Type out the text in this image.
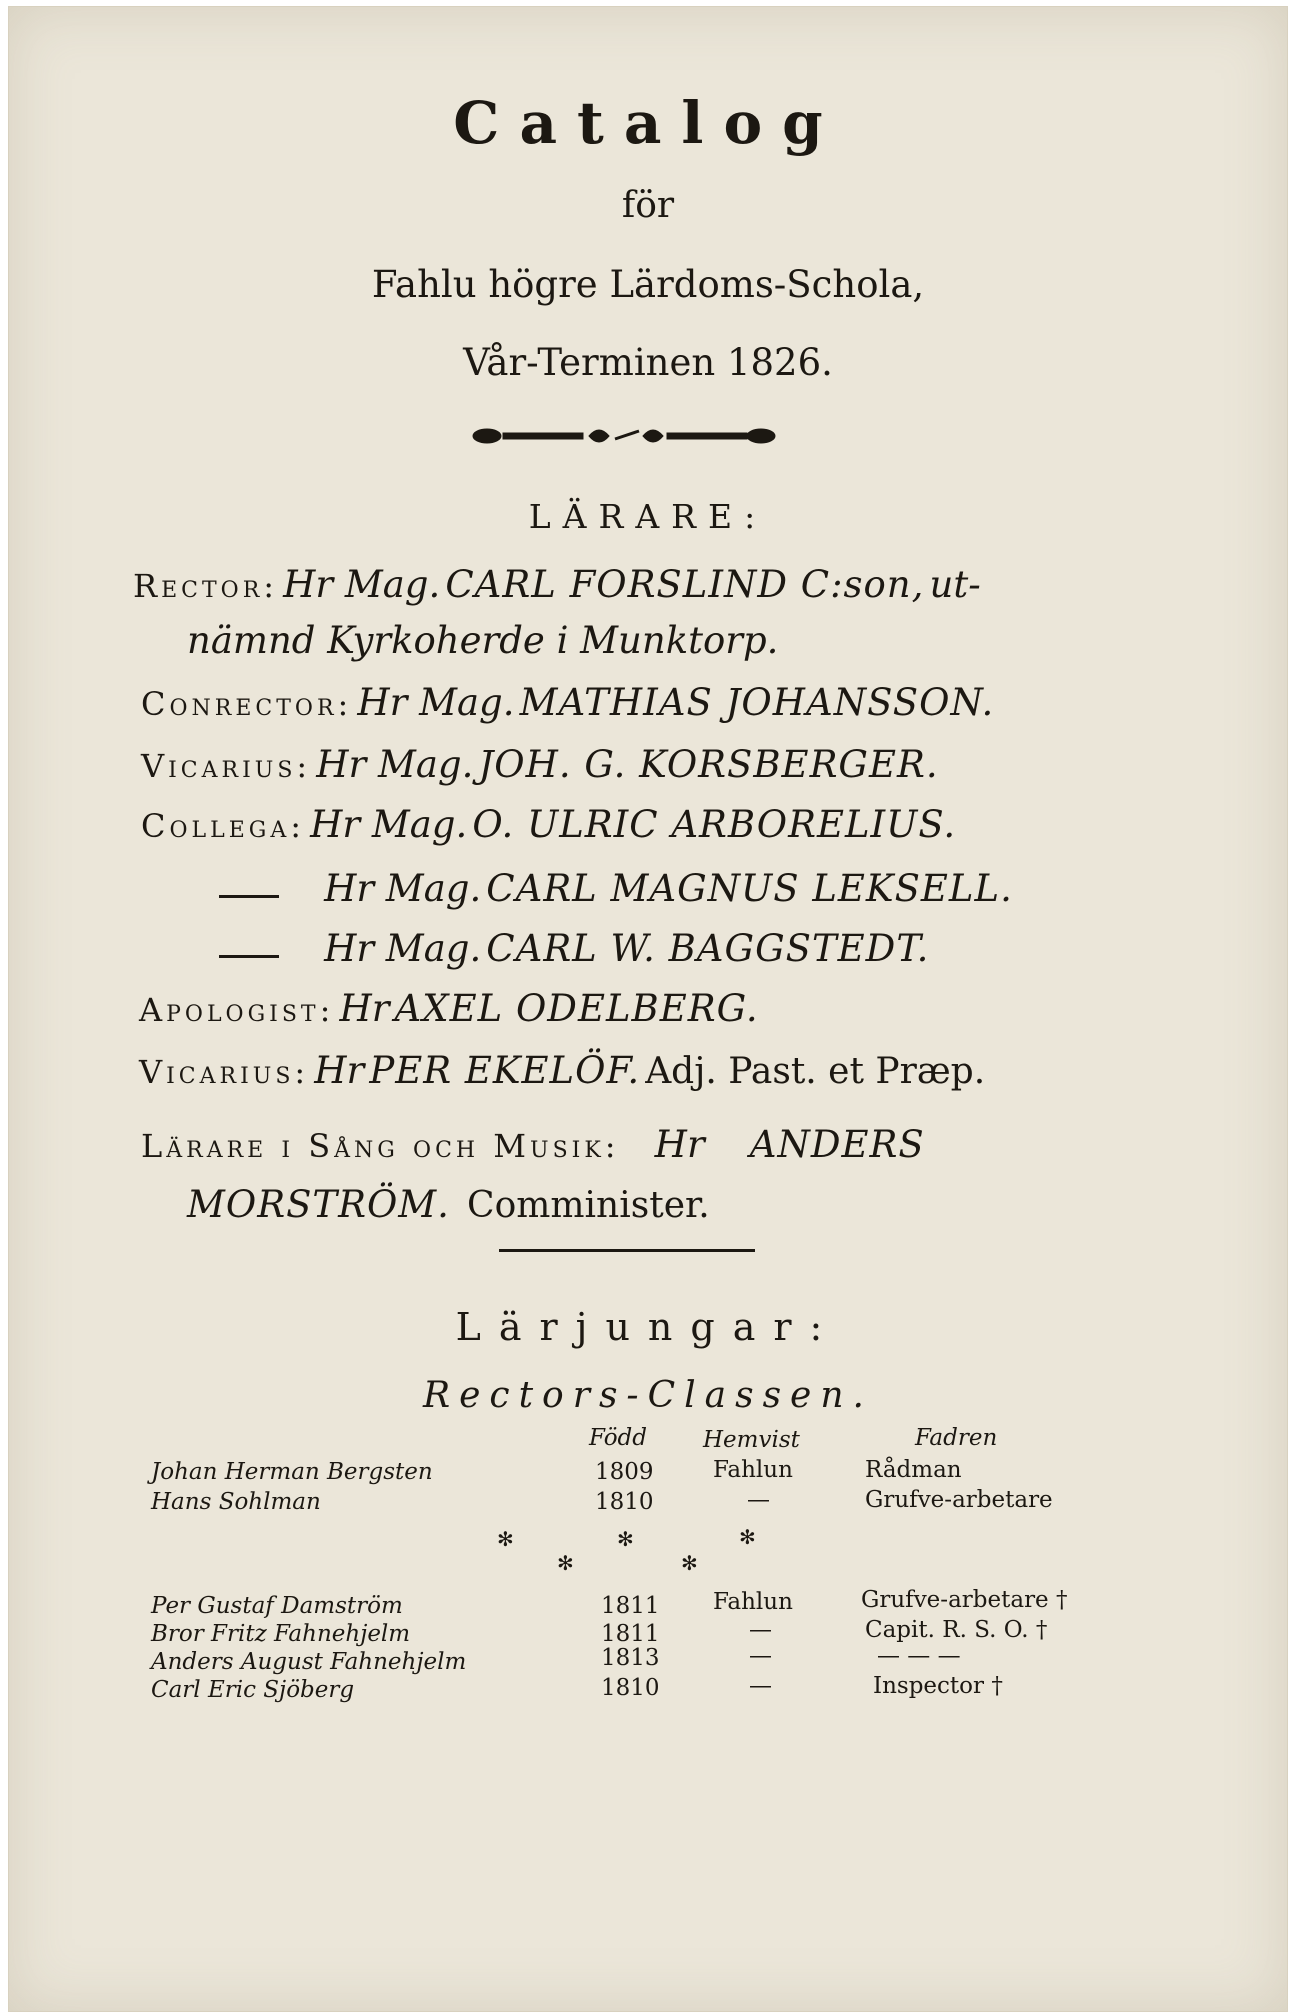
Catalog
för
Fahlu högre Lärdoms-Schola,
Vår-Terminen 1826.
LÄRARE:
Rector: Hr Mag. CARL FORSLIND C:son, ut-
nämnd Kyrkoherde i Munktorp.
Conrector: Hr Mag. MATHIAS JOHANSSON.
Vicarius: Hr Mag. JOH. G. KORSBERGER.
Collega: Hr Mag. O. ULRIC ARBORELIUS.
Hr Mag. CARL MAGNUS LEKSELL.
Hr Mag. CARL W. BAGGSTEDT.
Apologist: Hr AXEL ODELBERG.
Vicarius: Hr PER EKELÖF. Adj. Past. et Præp.
Lärare i Sång och Musik: Hr ANDERS
MORSTRÖM. Comminister.
Lärjungar:
Rectors-Classen.
Född Hemvist	Fadren
Johan Herman Bergsten	1809	Fahlun	Rådman
Hans Sohlman	1810	—	Grufve-arbetare
✻	✻	✻
✻	✻
Per Gustaf Damström	1811 Fahlun	Grufve-arbetare †
Bror Fritz Fahnehjelm	1811	—	Capit. R. S. O. †
Anders August Fahnehjelm	1813	—	— — —
Carl Eric Sjöberg	1810	—	Inspector †
